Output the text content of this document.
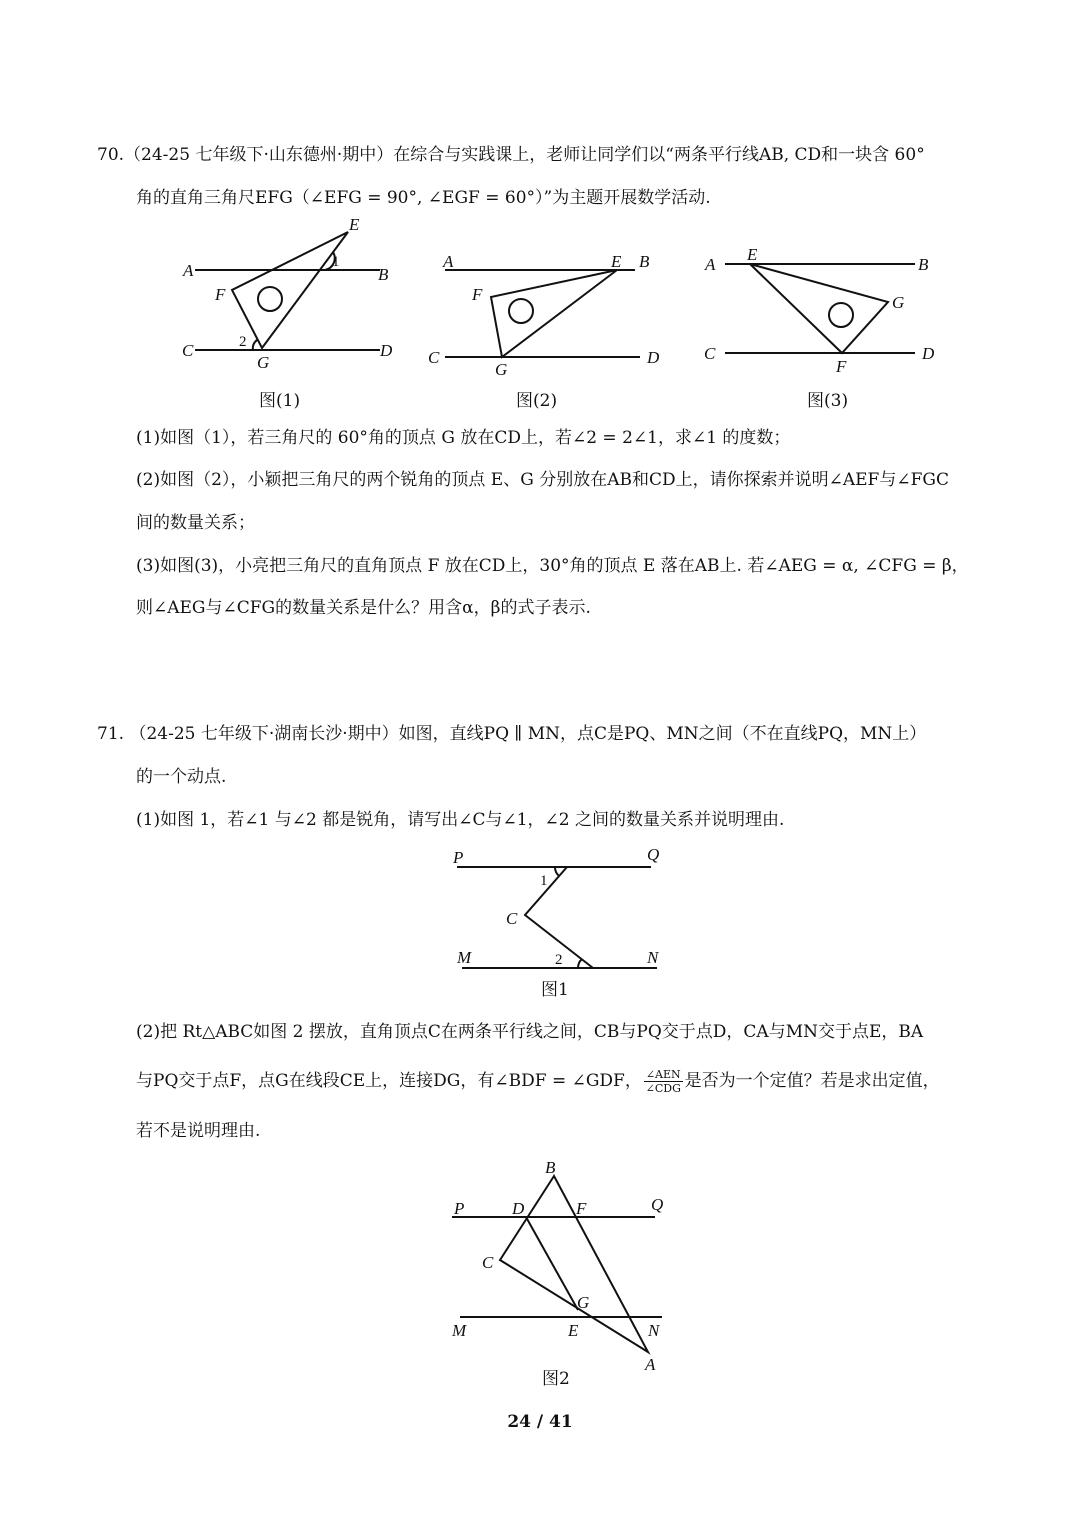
70.（24-25 七年级下·山东德州·期中）在综合与实践课上，老师让同学们以“两条平行线AB, CD和一块含 60°
角的直角三角尺EFG（∠EFG = 90°, ∠EGF = 60°）”为主题开展数学活动.
E
A	B
F
C	D
G
1
2
图(1)
A	E B
F
C	D
G
图(2)
A
E
B
G
C	D
F
图(3)
(1)如图（1），若三角尺的 60°角的顶点 G 放在CD上，若∠2 = 2∠1，求∠1 的度数；
(2)如图（2），小颖把三角尺的两个锐角的顶点 E、G 分别放在AB和CD上，请你探索并说明∠AEF与∠FGC
间的数量关系；
(3)如图(3)，小亮把三角尺的直角顶点 F 放在CD上，30°角的顶点 E 落在AB上. 若∠AEG = α, ∠CFG = β，
则∠AEG与∠CFG的数量关系是什么？用含α，β的式子表示.
71. （24-25 七年级下·湖南长沙·期中）如图，直线PQ ∥ MN，点C是PQ、MN之间（不在直线PQ，MN上）
的一个动点.
(1)如图 1，若∠1 与∠2 都是锐角，请写出∠C与∠1，∠2 之间的数量关系并说明理由.
P	Q
1
C
M	2	N
图1
(2)把 Rt△ABC如图 2 摆放，直角顶点C在两条平行线之间，CB与PQ交于点D，CA与MN交于点E，BA
与PQ交于点F，点G在线段CE上，连接DG，有∠BDF = ∠GDF， $\frac{\text{∠AEN}}{\text{∠CDG}}$ 是否为一个定值？若是求出定值，
若不是说明理由.
B
P	D	F	Q
C
G
M	E	N
A
图2
24 / 41
